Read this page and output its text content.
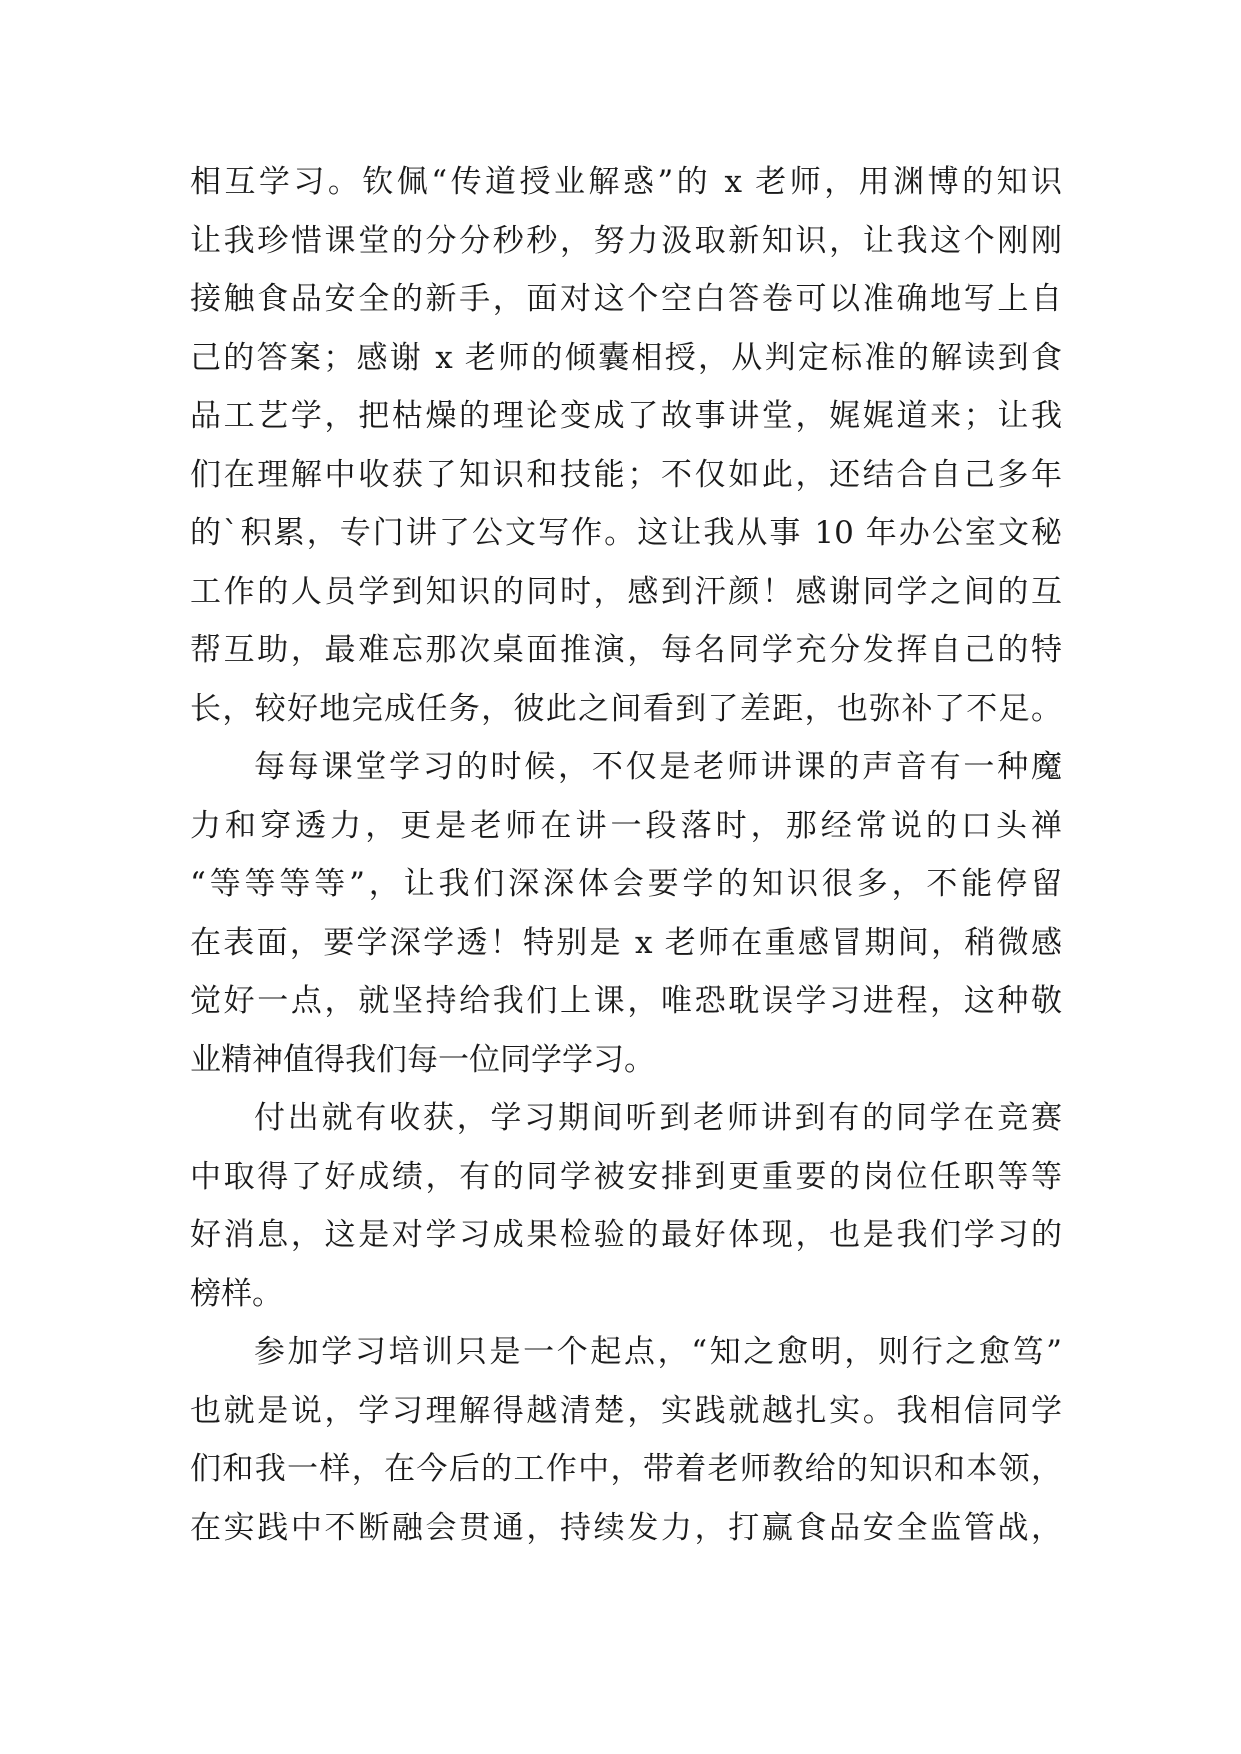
相互学习。钦佩“传道授业解惑”的 x 老师，用渊博的知识
让我珍惜课堂的分分秒秒，努力汲取新知识，让我这个刚刚
接触食品安全的新手，面对这个空白答卷可以准确地写上自
己的答案；感谢 x 老师的倾囊相授，从判定标准的解读到食
品工艺学，把枯燥的理论变成了故事讲堂，娓娓道来；让我
们在理解中收获了知识和技能；不仅如此，还结合自己多年
的`积累，专门讲了公文写作。这让我从事 10 年办公室文秘
工作的人员学到知识的同时，感到汗颜！感谢同学之间的互
帮互助，最难忘那次桌面推演，每名同学充分发挥自己的特
长，较好地完成任务，彼此之间看到了差距，也弥补了不足。
每每课堂学习的时候，不仅是老师讲课的声音有一种魔
力和穿透力，更是老师在讲一段落时，那经常说的口头禅
“等等等等”，让我们深深体会要学的知识很多，不能停留
在表面，要学深学透！特别是 x 老师在重感冒期间，稍微感
觉好一点，就坚持给我们上课，唯恐耽误学习进程，这种敬
业精神值得我们每一位同学学习。
付出就有收获，学习期间听到老师讲到有的同学在竞赛
中取得了好成绩，有的同学被安排到更重要的岗位任职等等
好消息，这是对学习成果检验的最好体现，也是我们学习的
榜样。
参加学习培训只是一个起点，“知之愈明，则行之愈笃”
也就是说，学习理解得越清楚，实践就越扎实。我相信同学
们和我一样，在今后的工作中，带着老师教给的知识和本领，
在实践中不断融会贯通，持续发力，打赢食品安全监管战，
